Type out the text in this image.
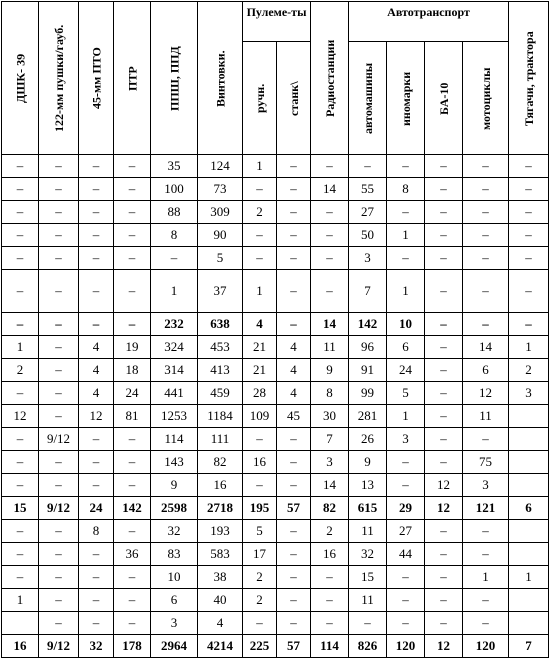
ДШК- 39	122-мм пушки/гауб.	45-мм ПТО	ПТР	ППШ, ППД	Винтовки.	Пулеме-ты		Радиостанции	Автотранспорт				Тягачи, трактора
						ручн.	станк\		автомашины	иномарки	БА-10	мотоциклы	
–	–	–	–	35	124	1	–	–	–	–	–	–	–
–	–	–	–	100	73	–	–	14	55	8	–	–	–
–	–	–	–	88	309	2	–	–	27	–	–	–	–
–	–	–	–	8	90	–	–	–	50	1	–	–	–
–	–	–	–	–	5	–	–	–	3	–	–	–	–
–	–	–	–	1	37	1	–	–	7	1	–	–	–
–	–	–	–	232	638	4	–	14	142	10	–	–	–
1	–	4	19	324	453	21	4	11	96	6	–	14	1
2	–	4	18	314	413	21	4	9	91	24	–	6	2
–	–	4	24	441	459	28	4	8	99	5	–	12	3
12	–	12	81	1253	1184	109	45	30	281	1	–	11	
–	9/12	–	–	114	111	–	–	7	26	3	–	–	
–	–	–	–	143	82	16	–	3	9	–	–	75	
–	–	–	–	9	16	–	–	14	13	–	12	3	
15	9/12	24	142	2598	2718	195	57	82	615	29	12	121	6
–	–	8	–	32	193	5	–	2	11	27	–	–	
–	–	–	36	83	583	17	–	16	32	44	–	–	
–	–	–	–	10	38	2	–	–	15	–	–	1	1
1	–	–	–	6	40	2	–	–	11	–	–	–	
	–	–	–	3	4	–	–	–	–	–	–	–	
16	9/12	32	178	2964	4214	225	57	114	826	120	12	120	7
